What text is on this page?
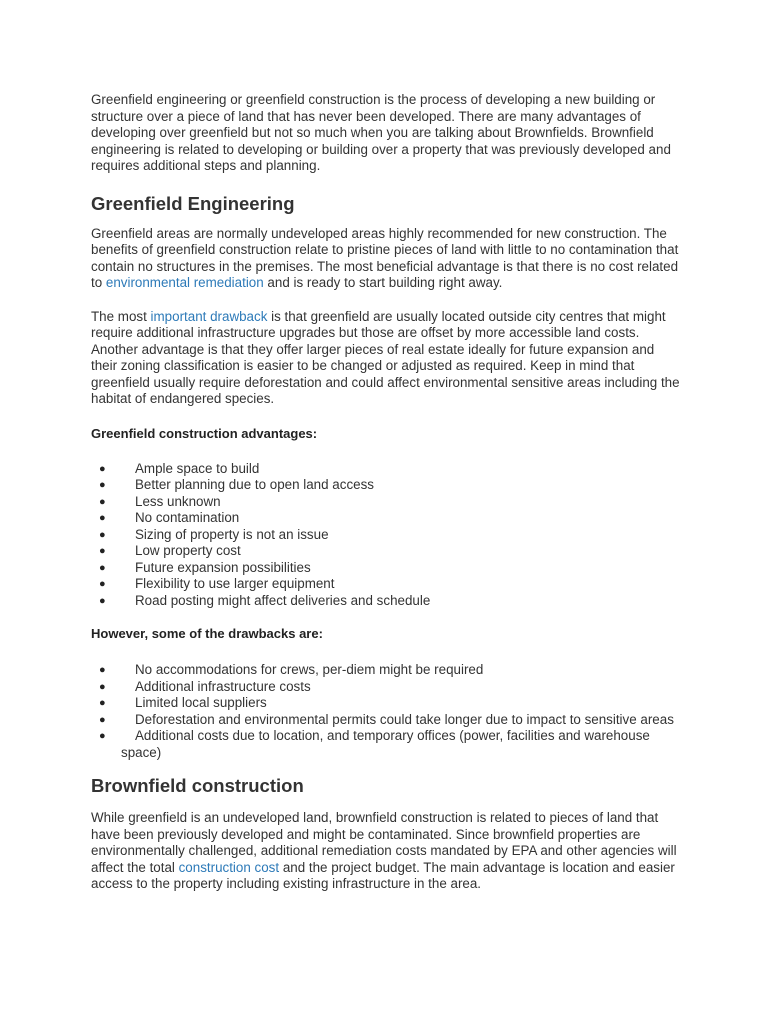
Greenfield engineering or greenfield construction is the process of developing a new building or structure over a piece of land that has never been developed. There are many advantages of developing over greenfield but not so much when you are talking about Brownfields. Brownfield engineering is related to developing or building over a property that was previously developed and requires additional steps and planning.

Greenfield Engineering

Greenfield areas are normally undeveloped areas highly recommended for new construction. The benefits of greenfield construction relate to pristine pieces of land with little to no contamination that contain no structures in the premises. The most beneficial advantage is that there is no cost related to environmental remediation and is ready to start building right away.

The most important drawback is that greenfield are usually located outside city centres that might require additional infrastructure upgrades but those are offset by more accessible land costs. Another advantage is that they offer larger pieces of real estate ideally for future expansion and their zoning classification is easier to be changed or adjusted as required. Keep in mind that greenfield usually require deforestation and could affect environmental sensitive areas including the habitat of endangered species.

Greenfield construction advantages:
● Ample space to build
● Better planning due to open land access
● Less unknown
● No contamination
● Sizing of property is not an issue
● Low property cost
● Future expansion possibilities
● Flexibility to use larger equipment
● Road posting might affect deliveries and schedule
However, some of the drawbacks are:
● No accommodations for crews, per-diem might be required
● Additional infrastructure costs
● Limited local suppliers
● Deforestation and environmental permits could take longer due to impact to sensitive areas
● Additional costs due to location, and temporary offices (power, facilities and warehouse space)
Brownfield construction

While greenfield is an undeveloped land, brownfield construction is related to pieces of land that have been previously developed and might be contaminated. Since brownfield properties are environmentally challenged, additional remediation costs mandated by EPA and other agencies will affect the total construction cost and the project budget. The main advantage is location and easier access to the property including existing infrastructure in the area.
